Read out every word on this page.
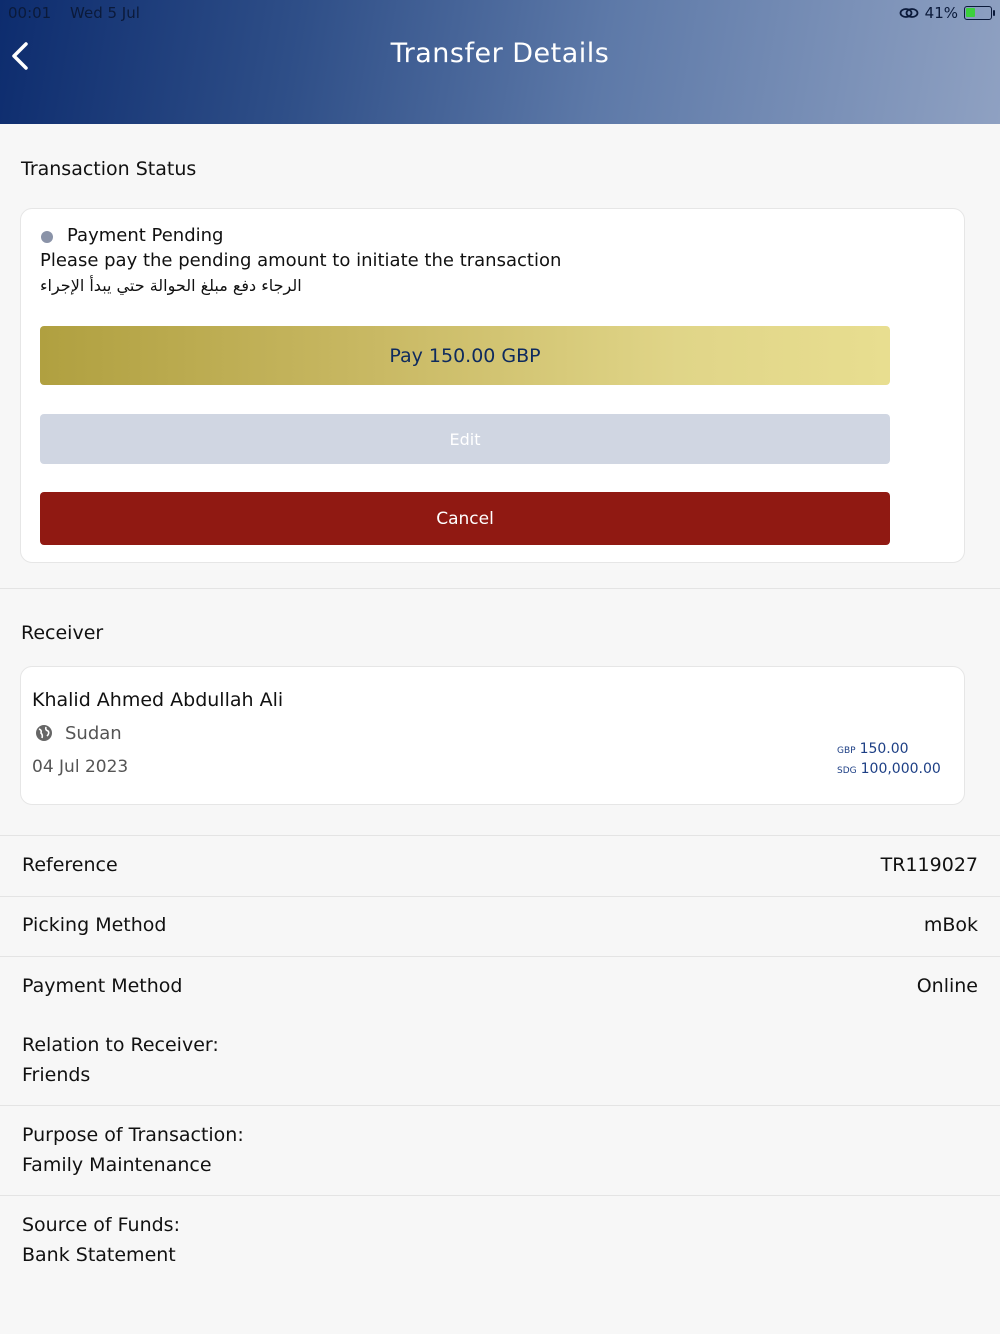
00:01 Wed 5 Jul	41%
Transfer Details
Transaction Status
Payment Pending
Please pay the pending amount to initiate the transaction
الرجاء دفع مبلغ الحوالة حتي يبدأ الإجراء
Pay 150.00 GBP
Edit
Cancel
Receiver
Khalid Ahmed Abdullah Ali
Sudan
04 Jul 2023
GBP 150.00
SDG 100,000.00
Reference	TR119027
Picking Method	mBok
Payment Method	Online
Relation to Receiver:
Friends
Purpose of Transaction:
Family Maintenance
Source of Funds:
Bank Statement
